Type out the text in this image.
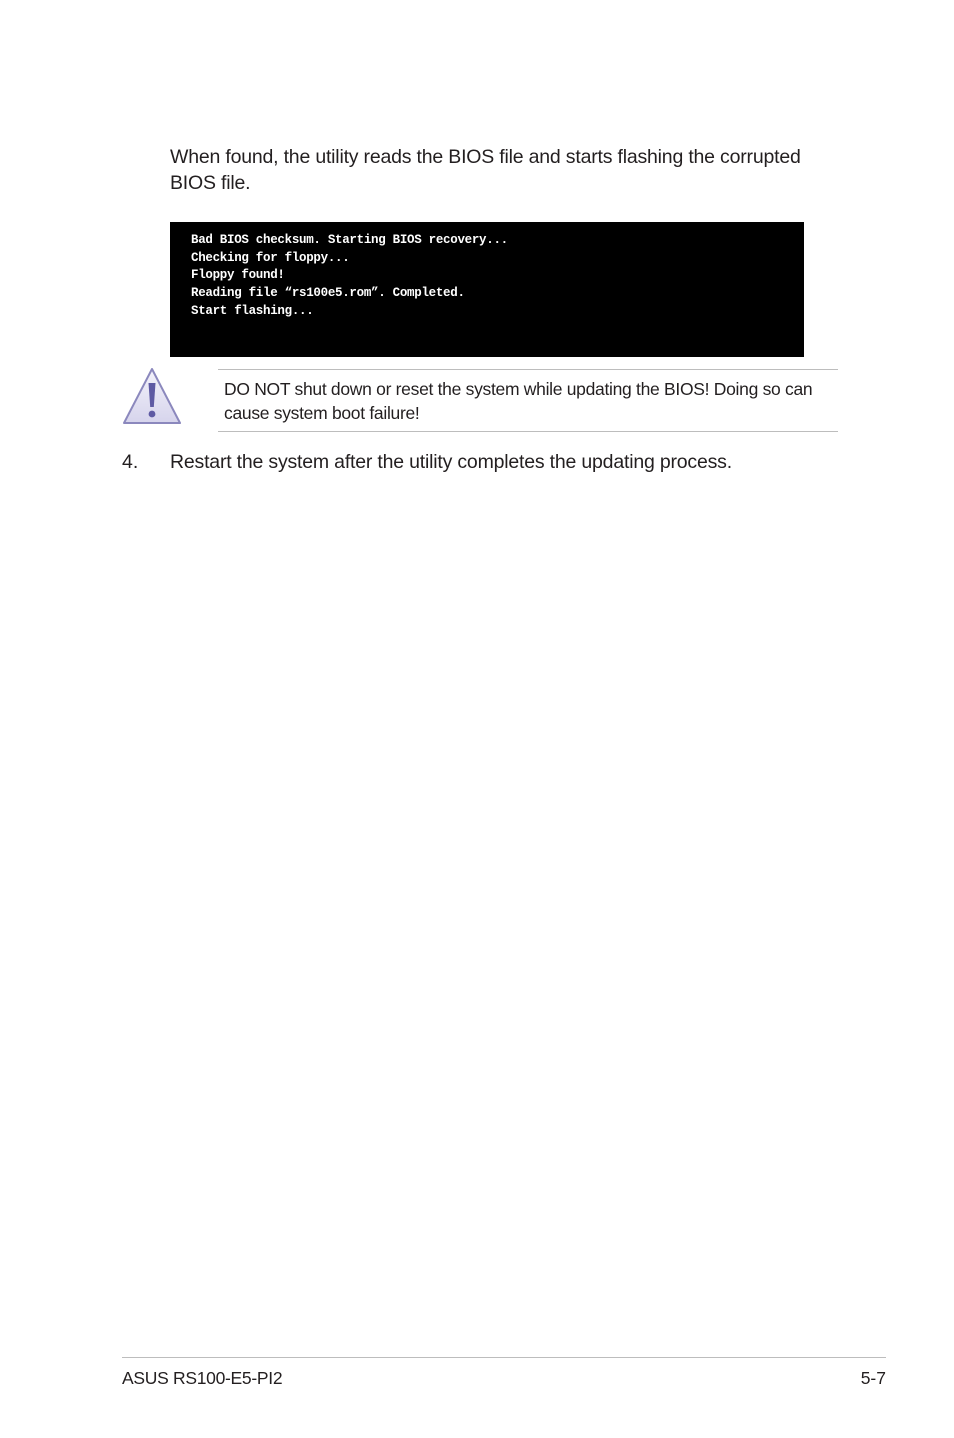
When found, the utility reads the BIOS file and starts flashing the corrupted BIOS file.

Bad BIOS checksum. Starting BIOS recovery...
Checking for floppy...
Floppy found!
Reading file “rs100e5.rom”. Completed.
Start flashing...
DO NOT shut down or reset the system while updating the BIOS! Doing so can cause system boot failure!
4. Restart the system after the utility completes the updating process.
ASUS RS100-E5-PI2	5-7
